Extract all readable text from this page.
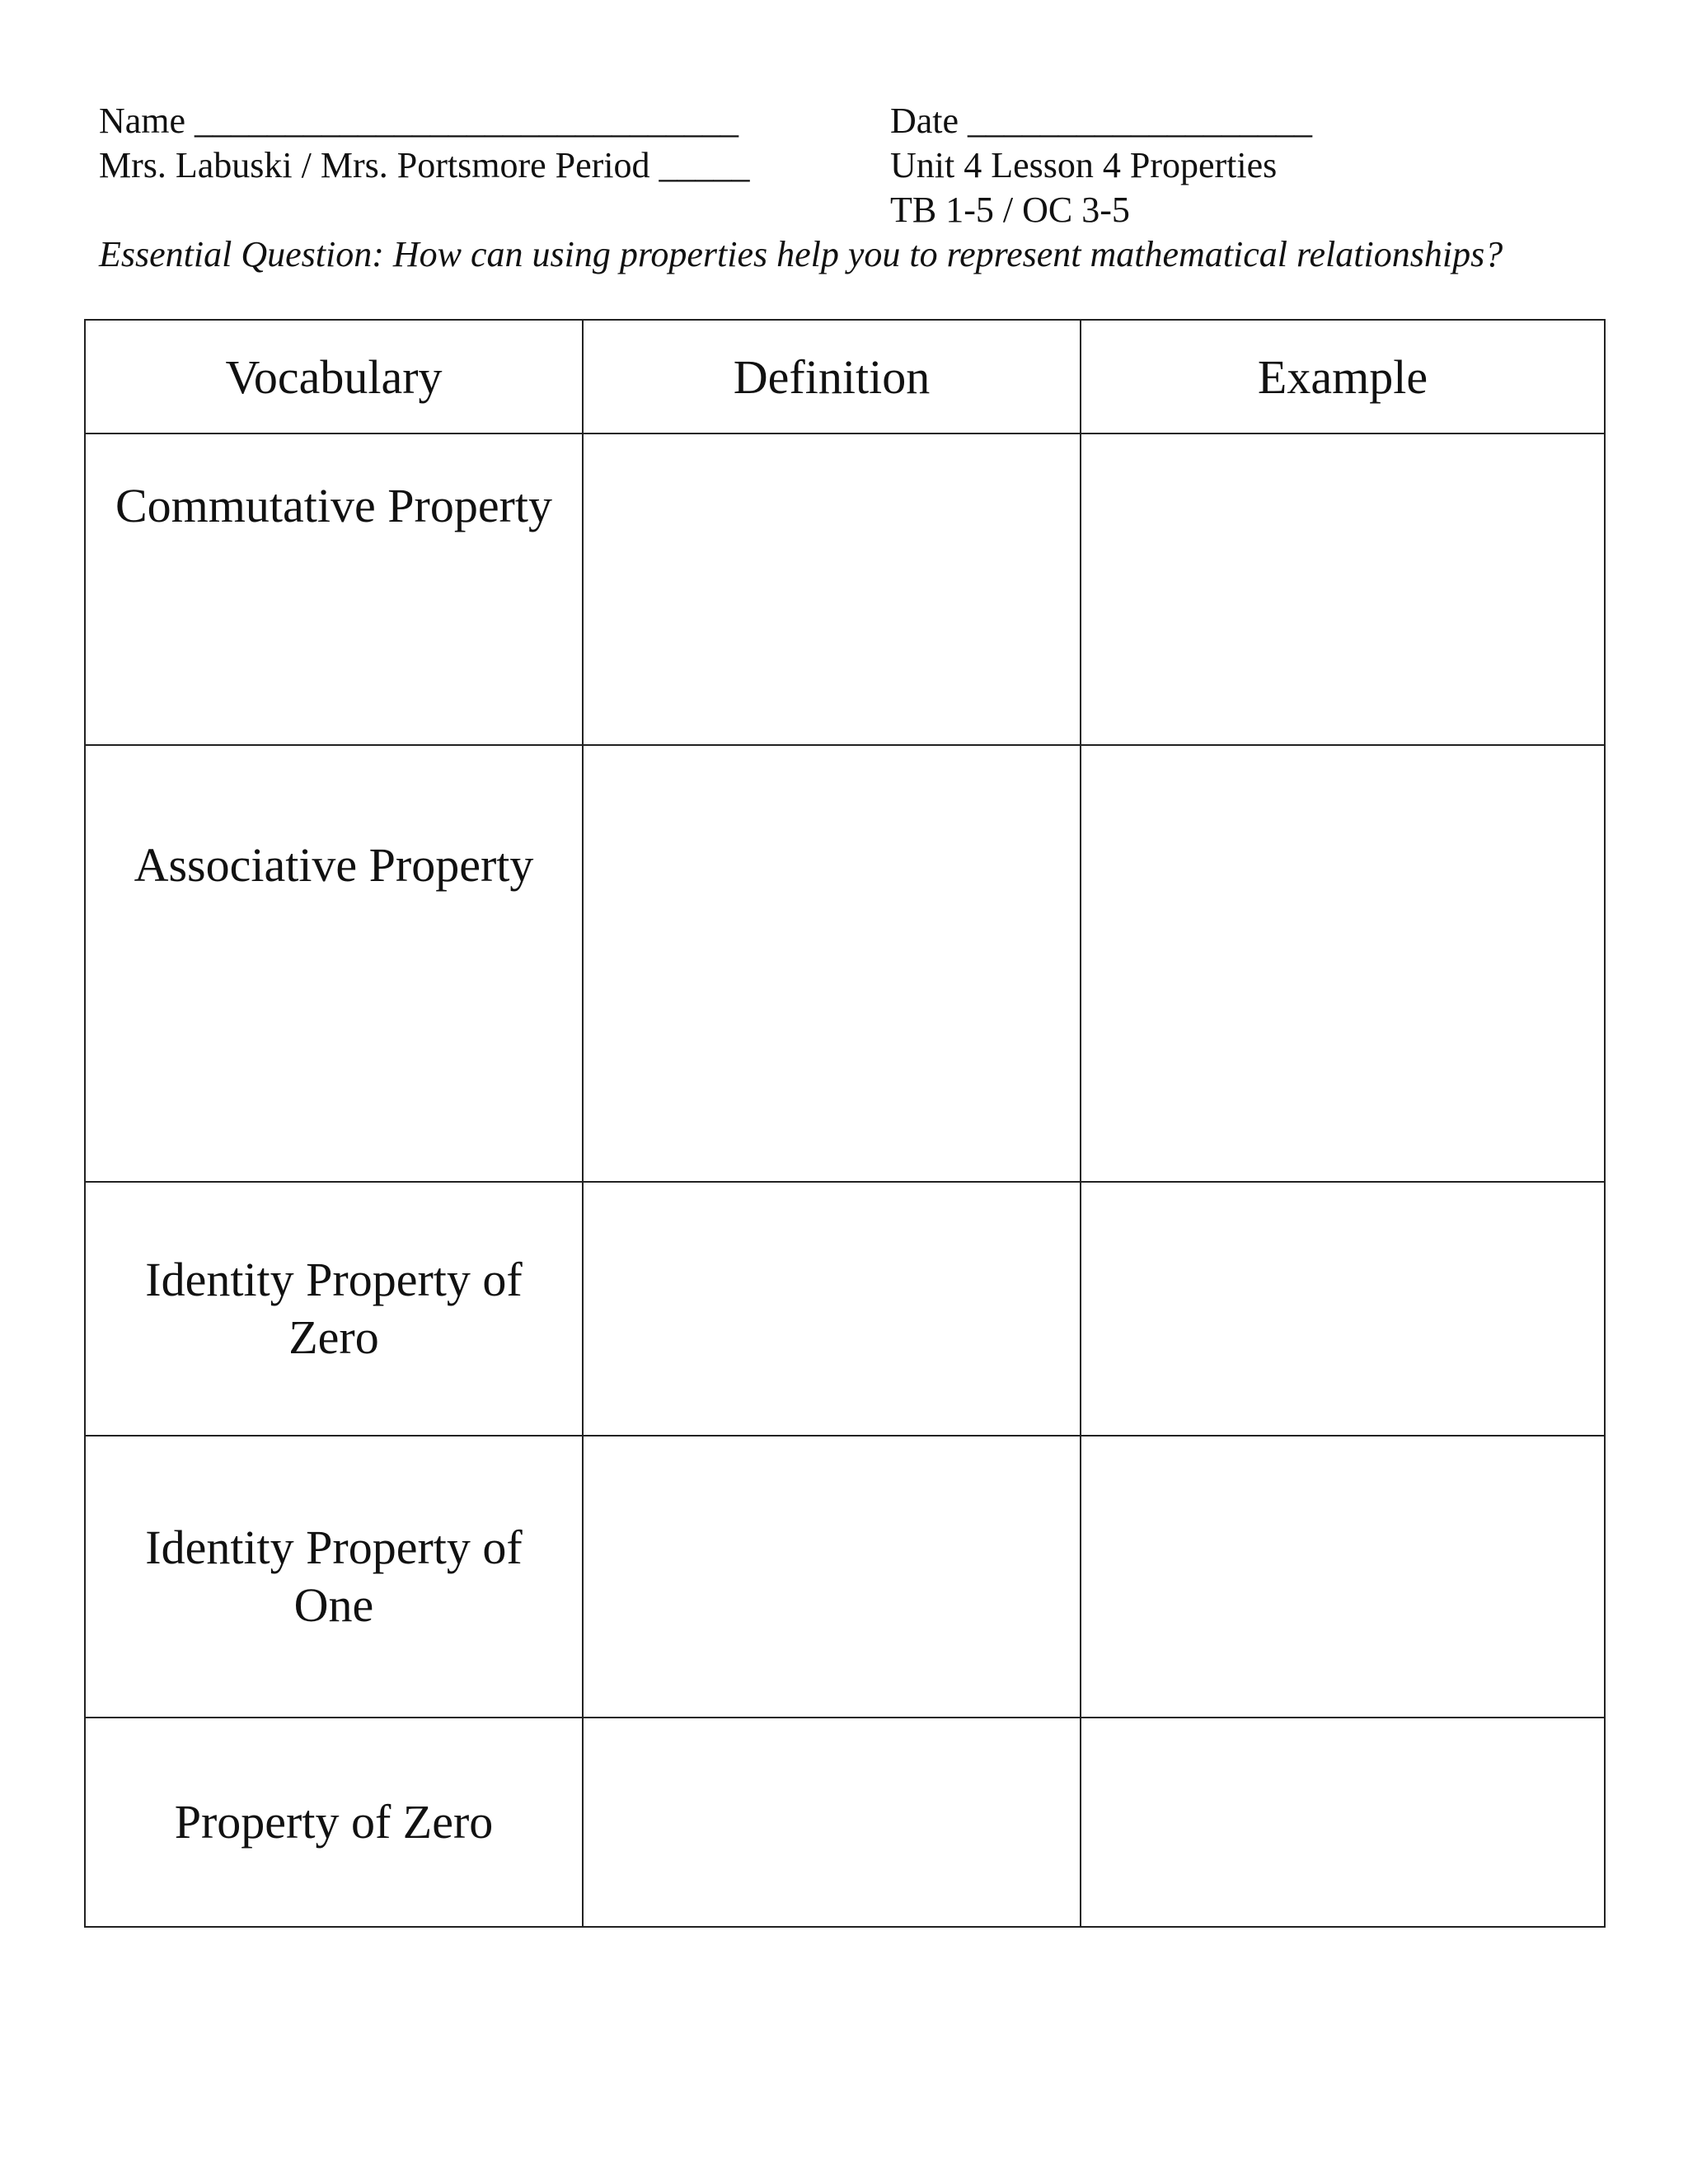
Name ______________________________

Mrs. Labuski / Mrs. Portsmore Period _____

Date ___________________

Unit 4 Lesson 4 Properties

TB 1-5 / OC 3-5

Essential Question: How can using properties help you to represent mathematical relationships?

Vocabulary	Definition	Example
Commutative Property		
Associative Property		
Identity Property of Zero		
Identity Property of One		
Property of Zero		
